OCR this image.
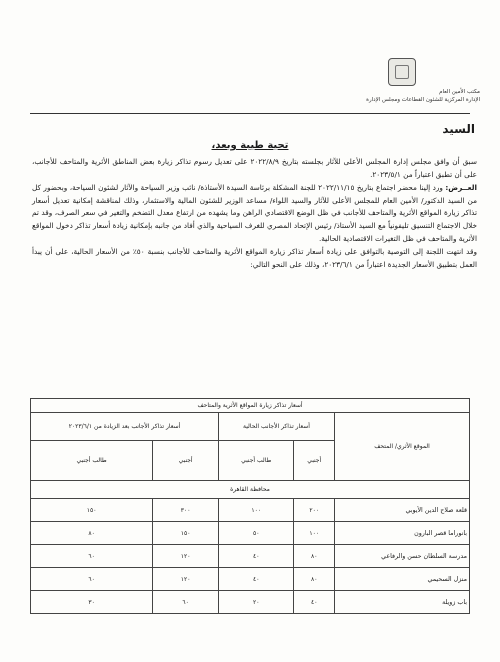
مكتب الأمين العام
الإدارة المركزية للشئون القطاعات ومجلس الإدارة
السيد
تحية طيبة وبعد،

سبق أن وافق مجلس إدارة المجلس الأعلى للآثار بجلسته بتاريخ ٢٠٢٢/٨/٩ على تعديل رسوم تذاكر زيارة بعض المناطق الأثرية والمتاحف للأجانب، على أن تطبق اعتباراً من ٢٠٢٣/٥/١.

العــرض: ورد إلينا محضر اجتماع بتاريخ ٢٠٢٢/١١/١٥ للجنة المشكلة برئاسة السيدة الأستاذة/ نائب وزير السياحة والآثار لشئون السياحة، وبحضور كل من السيد الدكتور/ الأمين العام للمجلس الأعلى للآثار والسيد اللواء/ مساعد الوزير للشئون المالية والاستثمار، وذلك لمناقشة إمكانية تعديل أسعار تذاكر زيارة المواقع الأثرية والمتاحف للأجانب في ظل الوضع الاقتصادي الراهن وما يشهده من ارتفاع معدل التضخم والتغير في سعر الصرف، وقد تم خلال الاجتماع التنسيق تليفونياً مع السيد الأستاذ/ رئيس الإتحاد المصري للغرف السياحية والذي أفاد من جانبه بإمكانية زيادة أسعار تذاكر دخول المواقع الأثرية والمتاحف في ظل التغيرات الاقتصادية الحالية.

وقد انتهت اللجنة إلى التوصية بالتوافق على زيادة أسعار تذاكر زيارة المواقع الأثرية والمتاحف للأجانب بنسبة ٥٠٪ من الأسعار الحالية، على أن يبدأ العمل بتطبيق الأسعار الجديدة اعتباراً من ٢٠٢٣/٦/١، وذلك على النحو التالي:

أسعار تذاكر زيارة المواقع الأثرية والمتاحف				
الموقع الأثري/ المتحف	أسعار تذاكر الأجانب الحالية		أسعار تذاكر الأجانب بعد الزيادة من ٢٠٢٣/٦/١	
	أجنبي	طالب أجنبي	أجنبي	طالب أجنبي
محافظة القاهرة				
قلعة صلاح الدين الأيوبي	٢٠٠	١٠٠	٣٠٠	١٥٠
بانوراما قصر البارون	١٠٠	٥٠	١٥٠	٨٠
مدرسة السلطان حسن والرفاعي	٨٠	٤٠	١٢٠	٦٠
منزل السحيمي	٨٠	٤٠	١٢٠	٦٠
باب زويلة	٤٠	٢٠	٦٠	٣٠
